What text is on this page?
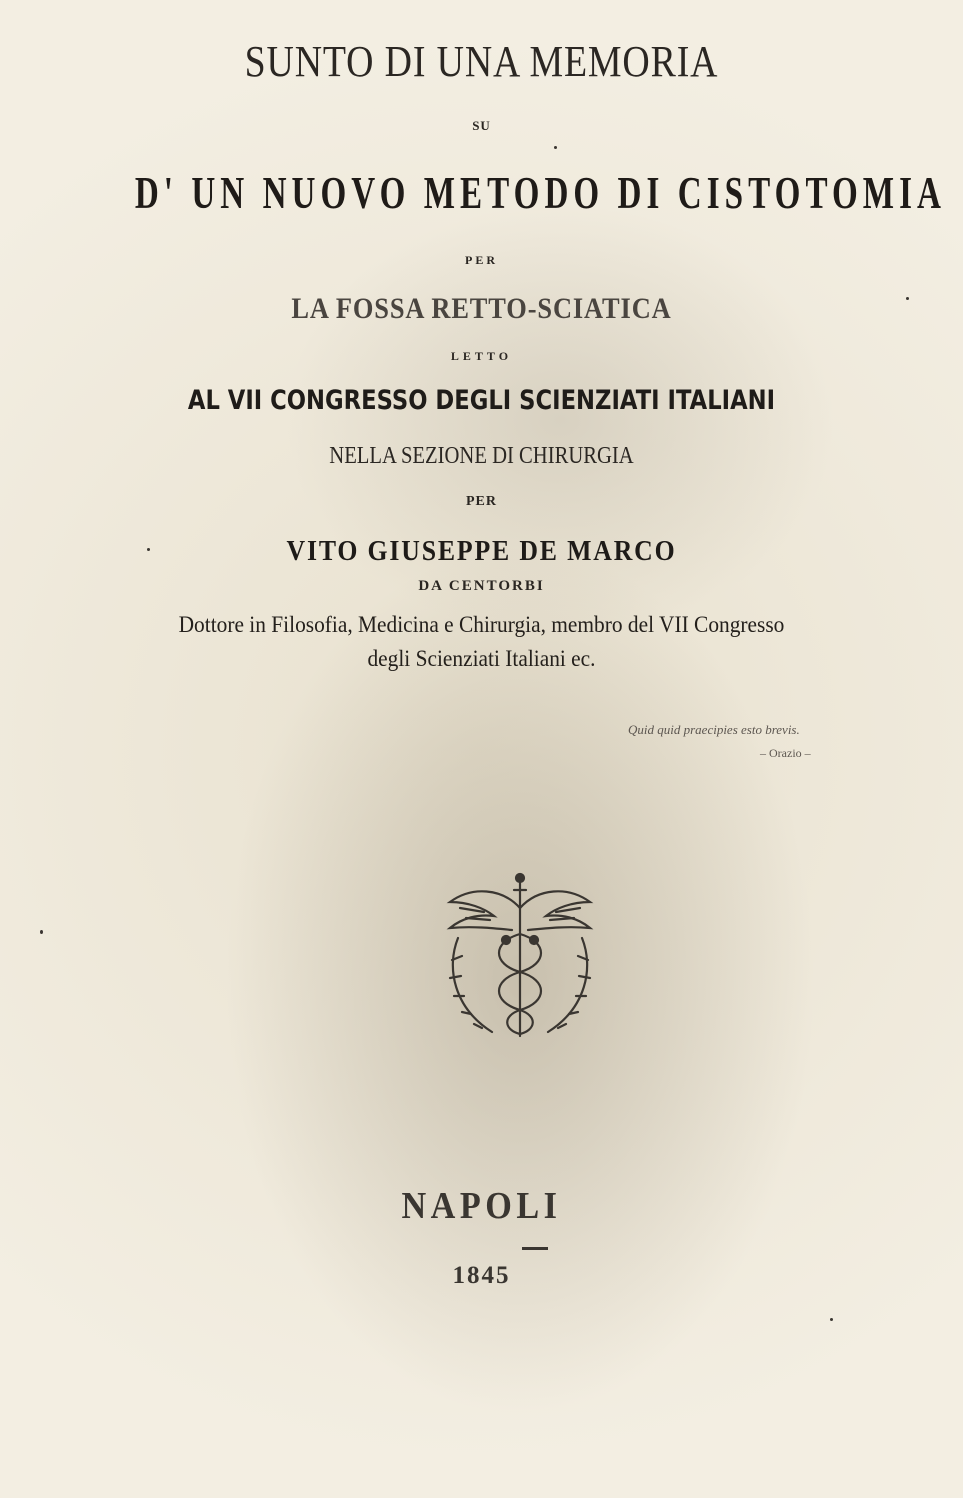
SUNTO DI UNA MEMORIA

SU

D' UN NUOVO METODO DI CISTOTOMIA

PER

LA FOSSA RETTO-SCIATICA

LETTO

AL VII CONGRESSO DEGLI SCIENZIATI ITALIANI

NELLA SEZIONE DI CHIRURGIA

PER

VITO GIUSEPPE DE MARCO

DA CENTORBI

Dottore in Filosofia, Medicina e Chirurgia, membro del VII Congresso

degli Scienziati Italiani ec.

Quid quid praecipies esto brevis.
– Orazio –

NAPOLI

1845
